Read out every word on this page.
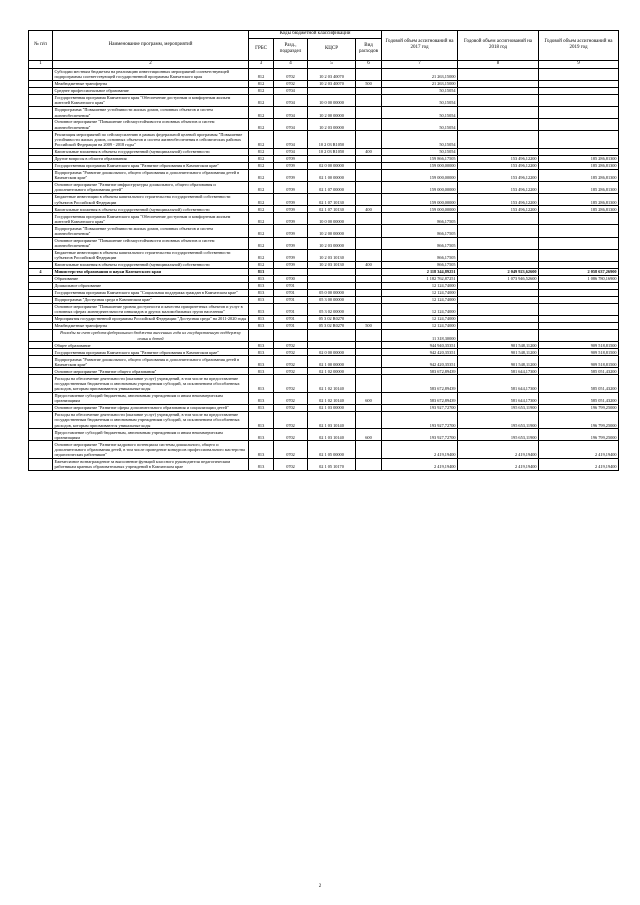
№ п/п	Наименование программ, мероприятий	Коды бюджетной классификации				Годовой объем ассигнований на 2017 год	Годовой объем ассигнований на 2018 год	Годовой объем ассигнований на 2019 год
		ГРБС	Разд., подраздел	КЦСР	Вид расходов			
1	2	3	4	5	6	7	8	9
	Субсидии местным бюджетам на реализацию инвестиционных мероприятий соответствующей подпрограммы соответствующей государственной программы Камчатского края	812	0702	10 2 03 40070		21 263,15000		
	Межбюджетные трансферты	812	0702	10 2 03 40070	500	21 263,15000		
	Среднее профессиональное образование	812	0704			50,15054		
	Государственная программа Камчатского края "Обеспечение доступным и комфортным жильем жителей Камчатского края"	812	0704	10 0 00 00000		50,15054		
	Подпрограмма "Повышение устойчивости жилых домов, основных объектов и систем жизнеобеспечения"	812	0704	10 2 00 00000		50,15054		
	Основное мероприятие "Повышение сейсмоустойчивости основных объектов и систем жизнеобеспечения"	812	0704	10 2 03 00000		50,15054		
	Реализация мероприятий по сейсмоусилению в рамках федеральной целевой программы "Повышение устойчивости жилых домов, основных объектов и систем жизнеобеспечения в сейсмических районах Российской Федерации на 2009 - 2018 годы"	812	0704	10 2 03 R1050		50,15054		
	Капитальные вложения в объекты государственной (муниципальной) собственности	812	0704	10 2 03 R1050	400	50,15054		
	Другие вопросы в области образования	812	0709			159 866,17505	153 496,12200	185 286,81300
	Государственная программа Камчатского края "Развитие образования в Камчатском крае"	812	0709	02 0 00 00000		159 000,00000	153 496,12200	185 286,81300
	Подпрограмма "Развитие дошкольного, общего образования и дополнительного образования детей в Камчатском крае"	812	0709	02 1 00 00000		159 000,00000	153 496,12200	185 286,81300
	Основное мероприятие "Развитие инфраструктуры дошкольного, общего образования и дополнительного образования детей"	812	0709	02 1 07 00000		159 000,00000	153 496,12200	185 286,81300
	Бюджетные инвестиции в объекты капитального строительства государственной собственности субъектов Российской Федерации	812	0709	02 1 07 10130		159 000,00000	153 496,12200	185 286,81300
	Капитальные вложения в объекты государственной (муниципальной) собственности	812	0709	02 1 07 10130	400	159 000,00000	153 496,12200	185 286,81300
	Государственная программа Камчатского края "Обеспечение доступным и комфортным жильем жителей Камчатского края"	812	0709	10 0 00 00000		866,17505		
	Подпрограмма "Повышение устойчивости жилых домов, основных объектов и систем жизнеобеспечения"	812	0709	10 2 00 00000		866,17505		
	Основное мероприятие "Повышение сейсмоустойчивости основных объектов и систем жизнеобеспечения"	812	0709	10 2 03 00000		866,17505		
	Бюджетные инвестиции в объекты капитального строительства государственной собственности субъектов Российской Федерации	812	0709	10 2 03 10130		866,17505		
	Капитальные вложения в объекты государственной (муниципальной) собственности	812	0709	10 2 03 10130	400	866,17505		
4	Министерство образования и науки Камчатского края	813				2 118 344,89251	2 049 923,62600	2 058 637,26900
	Образование	813	0700			1 182 762,87251	1 073 946,52600	1 086 780,16900
	Дошкольное образование	813	0701			12 124,74000		
	Государственная программа Камчатского края "Социальная поддержка граждан в Камчатском крае"	813	0701	05 0 00 00000		12 124,74000		
	Подпрограмма "Доступная среда в Камчатском крае"	813	0701	05 3 00 00000		12 124,74000		
	Основное мероприятие "Повышение уровня доступности и качества приоритетных объектов и услуг в основных сферах жизнедеятельности инвалидов и других маломобильных групп населения"	813	0701	05 3 02 00000		12 124,74000		
	Мероприятия государственной программы Российской Федерации "Доступная среда" на 2011-2020 годы	813	0701	05 3 02 R0270		12 124,74000		
	Межбюджетные трансферты	813	0701	05 3 02 R0270	500	12 124,74000		
	Расходы за счет средств федерального бюджета внесенных года их государственную поддержку семьи и детей					11 318,30000		
	Общее образование	813	0702			944 940,35351	901 548,11200	909 518,81500
	Государственная программа Камчатского края "Развитие образования в Камчатском крае"	813	0702	02 0 00 00000		942 420,35351	901 548,11200	909 518,81500
	Подпрограмма "Развитие дошкольного, общего образования и дополнительного образования детей в Камчатском крае"	813	0702	02 1 00 00000		942 420,35351	901 548,11200	909 518,81500
	Основное мероприятие "Развитие общего образования"	813	0702	02 1 02 00000		583 672,89439	581 644,17300	585 051,43200
	Расходы на обеспечение деятельности (оказание услуг) учреждений, в том числе на предоставление государственным бюджетным и автономным учреждениям субсидий, за исключением обособленных расходов, которым присваиваются уникальные коды	813	0702	02 1 02 10140		583 672,89439	581 644,17300	585 051,43200
	Предоставление субсидий бюджетным, автономным учреждениям и иным некоммерческим организациям	813	0702	02 1 02 10140	600	583 672,89439	581 644,17300	585 051,43200
	Основное мероприятие "Развитие сферы дополнительного образования и социализации детей"	813	0702	02 1 03 00000		193 927,72700	195 653,11900	196 799,25000
	Расходы на обеспечение деятельности (оказание услуг) учреждений, в том числе на предоставление государственным бюджетным и автономным учреждениям субсидий, за исключением обособленных расходов, которым присваиваются уникальные коды	813	0702	02 1 03 10140		193 927,72700	195 653,11900	196 799,25000
	Предоставление субсидий бюджетным, автономным учреждениям и иным некоммерческим организациям	813	0702	02 1 03 10140	600	193 927,72700	195 653,11900	196 799,25000
	Основное мероприятие "Развитие кадрового потенциала системы дошкольного, общего и дополнительного образования детей, в том числе проведение конкурсов профессионального мастерства педагогических работников"	813	0702	02 1 05 00000		2 419,19400	2 419,19400	2 419,19400
	Ежемесячное вознаграждение за выполнение функций классного руководителя педагогическим работникам краевых образовательных учреждений в Камчатском крае	813	0702	02 1 05 10170		2 419,19400	2 419,19400	2 419,19400
2
